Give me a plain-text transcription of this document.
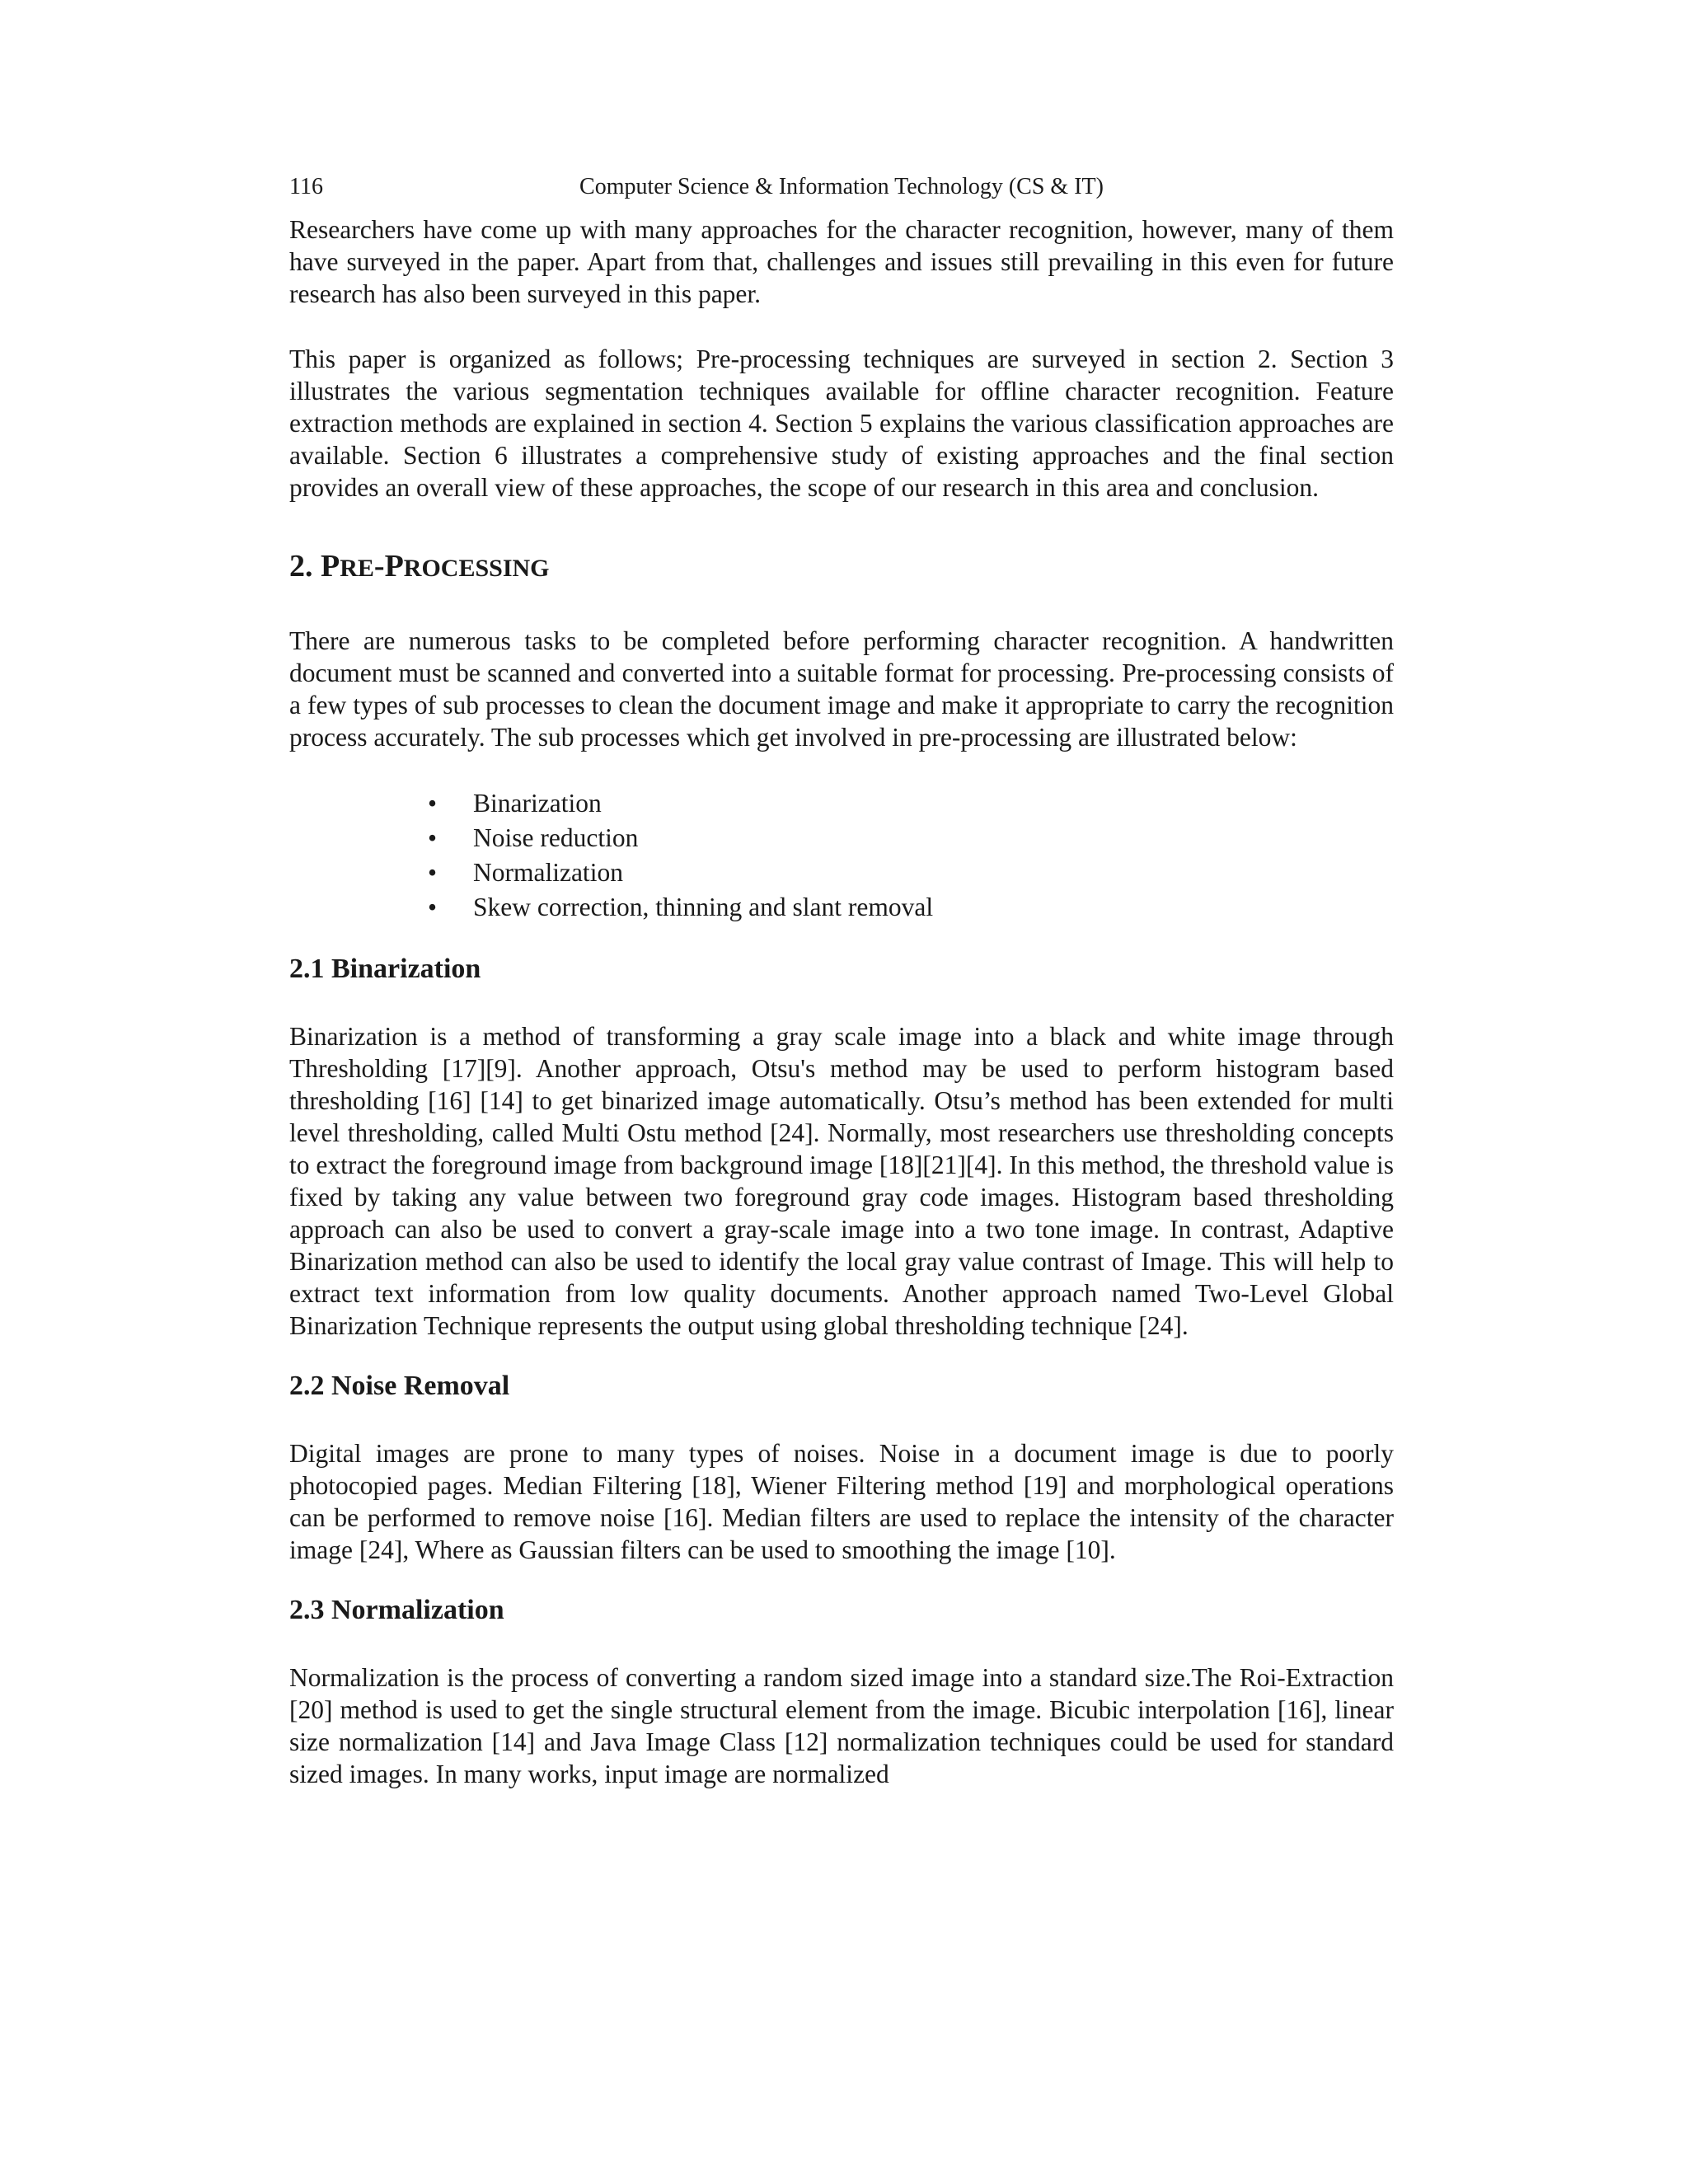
116	Computer Science & Information Technology (CS & IT)

Researchers have come up with many approaches for the character recognition, however, many of them have surveyed in the paper. Apart from that, challenges and issues still prevailing in this even for future research has also been surveyed in this paper.

This paper is organized as follows; Pre-processing techniques are surveyed in section 2. Section 3 illustrates the various segmentation techniques available for offline character recognition. Feature extraction methods are explained in section 4. Section 5 explains the various classification approaches are available. Section 6 illustrates a comprehensive study of existing approaches and the final section provides an overall view of these approaches, the scope of our research in this area and conclusion.

2. PRE-PROCESSING

There are numerous tasks to be completed before performing character recognition. A handwritten document must be scanned and converted into a suitable format for processing. Pre-processing consists of a few types of sub processes to clean the document image and make it appropriate to carry the recognition process accurately. The sub processes which get involved in pre-processing are illustrated below:

• Binarization
• Noise reduction
• Normalization
• Skew correction, thinning and slant removal
2.1 Binarization

Binarization is a method of transforming a gray scale image into a black and white image through Thresholding [17][9]. Another approach, Otsu's method may be used to perform histogram based thresholding [16] [14] to get binarized image automatically. Otsu’s method has been extended for multi level thresholding, called Multi Ostu method [24]. Normally, most researchers use thresholding concepts to extract the foreground image from background image [18][21][4]. In this method, the threshold value is fixed by taking any value between two foreground gray code images. Histogram based thresholding approach can also be used to convert a gray-scale image into a two tone image. In contrast, Adaptive Binarization method can also be used to identify the local gray value contrast of Image. This will help to extract text information from low quality documents. Another approach named Two-Level Global Binarization Technique represents the output using global thresholding technique [24].

2.2 Noise Removal

Digital images are prone to many types of noises. Noise in a document image is due to poorly photocopied pages. Median Filtering [18], Wiener Filtering method [19] and morphological operations can be performed to remove noise [16]. Median filters are used to replace the intensity of the character image [24], Where as Gaussian filters can be used to smoothing the image [10].

2.3 Normalization

Normalization is the process of converting a random sized image into a standard size.The Roi-Extraction [20] method is used to get the single structural element from the image. Bicubic interpolation [16], linear size normalization [14] and Java Image Class [12] normalization techniques could be used for standard sized images. In many works, input image are normalized
